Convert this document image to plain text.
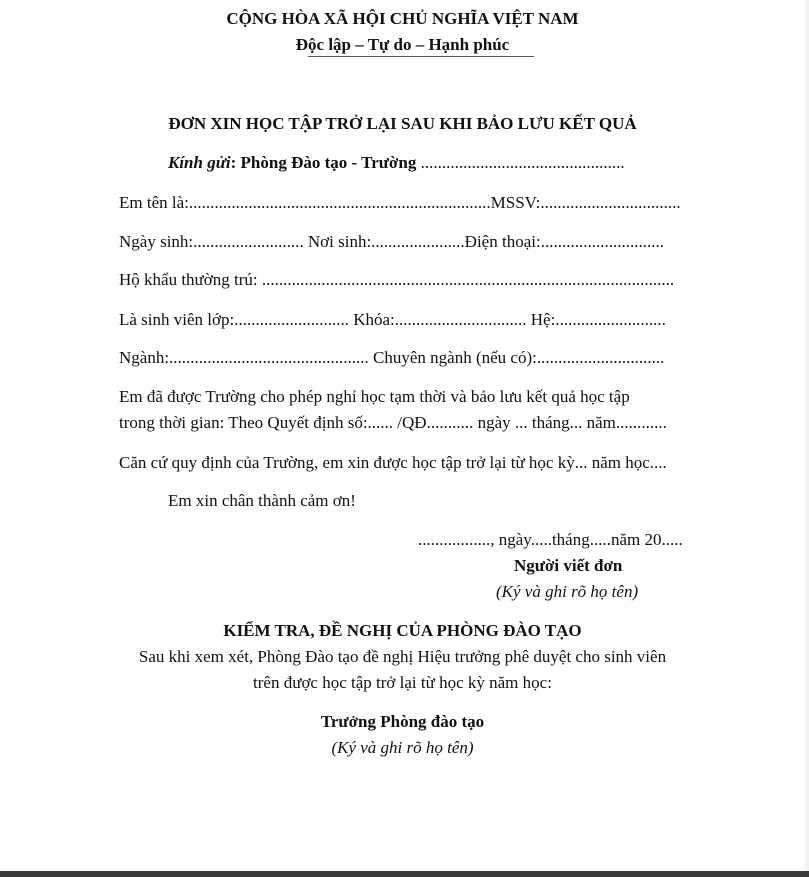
CỘNG HÒA XÃ HỘI CHỦ NGHĨA VIỆT NAM
Độc lập – Tự do – Hạnh phúc
ĐƠN XIN HỌC TẬP TRỞ LẠI SAU KHI BẢO LƯU KẾT QUẢ
Kính gửi: Phòng Đào tạo - Trường ................................................
Em tên là:.......................................................................MSSV:.................................
Ngày sinh:.......................... Nơi sinh:......................Điện thoại:.............................
Hộ khẩu thường trú: .................................................................................................
Là sinh viên lớp:........................... Khóa:............................... Hệ:..........................
Ngành:............................................... Chuyên ngành (nếu có):..............................
Em đã được Trường cho phép nghỉ học tạm thời và bảo lưu kết quả học tập
trong thời gian: Theo Quyết định số:...... /QĐ........... ngày ... tháng... năm............
Căn cứ quy định của Trường, em xin được học tập trở lại từ học kỳ... năm học....
Em xin chân thành cảm ơn!
................., ngày.....tháng.....năm 20.....
Người viết đơn
(Ký và ghi rõ họ tên)
KIỂM TRA, ĐỀ NGHỊ CỦA PHÒNG ĐÀO TẠO
Sau khi xem xét, Phòng Đào tạo đề nghị Hiệu trưởng phê duyệt cho sinh viên
trên được học tập trở lại từ học kỳ năm học:
Trưởng Phòng đào tạo
(Ký và ghi rõ họ tên)
